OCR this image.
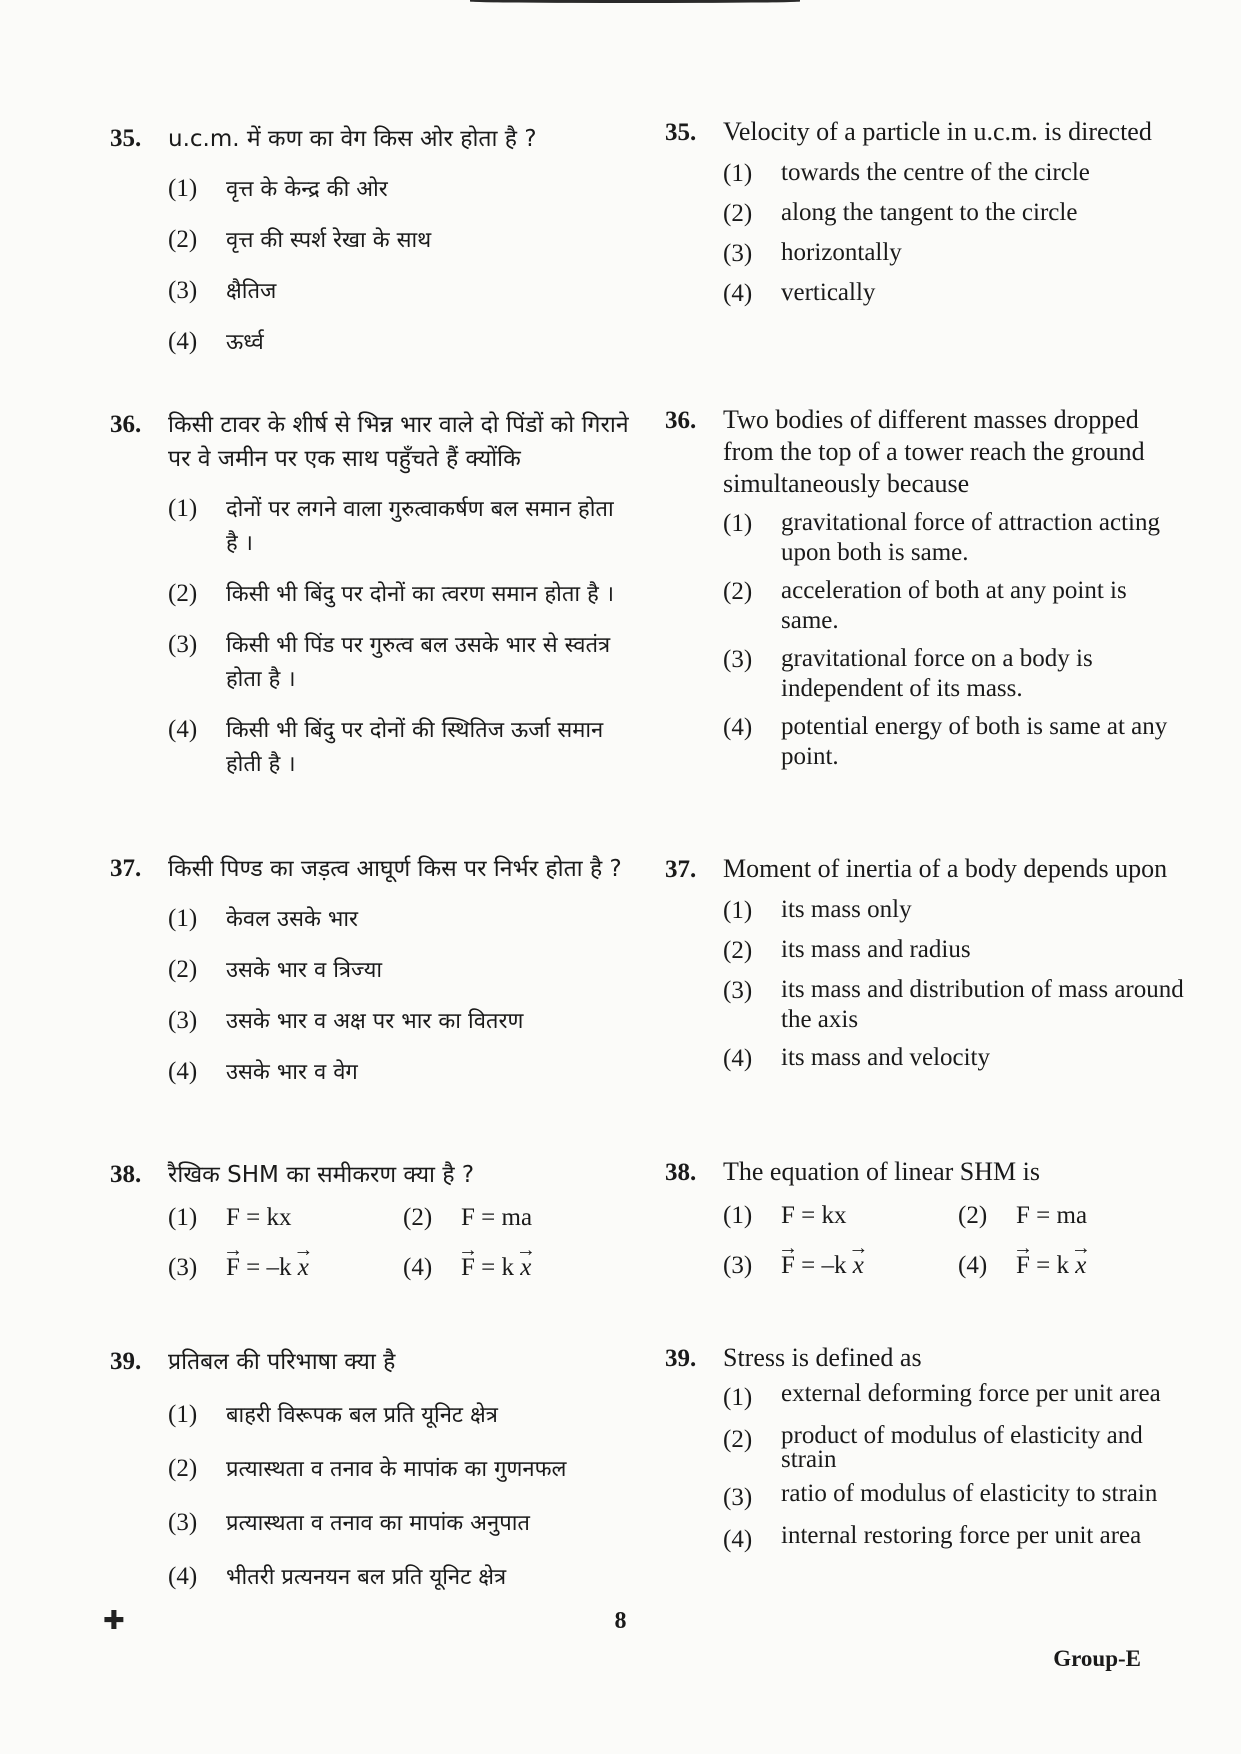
35.	u.c.m. में कण का वेग किस ओर होता है ?
(1)	वृत्त के केन्द्र की ओर
(2)	वृत्त की स्पर्श रेखा के साथ
(3)	क्षैतिज
(4)	ऊर्ध्व
36.	किसी टावर के शीर्ष से भिन्न भार वाले दो पिंडों को गिराने पर वे जमीन पर एक साथ पहुँचते हैं क्योंकि
(1)	दोनों पर लगने वाला गुरुत्वाकर्षण बल समान होता है ।
(2)	किसी भी बिंदु पर दोनों का त्वरण समान होता है ।
(3)	किसी भी पिंड पर गुरुत्व बल उसके भार से स्वतंत्र होता है ।
(4)	किसी भी बिंदु पर दोनों की स्थितिज ऊर्जा समान होती है ।
37.	किसी पिण्ड का जड़त्व आघूर्ण किस पर निर्भर होता है ?
(1)	केवल उसके भार
(2)	उसके भार व त्रिज्या
(3)	उसके भार व अक्ष पर भार का वितरण
(4)	उसके भार व वेग
38.	रैखिक SHM का समीकरण क्या है ?
(1)	F = kx	(2)	F = ma
(3)	→ F = –k → x	(4)	→ F = k → x
39.	प्रतिबल की परिभाषा क्या है
(1)	बाहरी विरूपक बल प्रति यूनिट क्षेत्र
(2)	प्रत्यास्थता व तनाव के मापांक का गुणनफल
(3)	प्रत्यास्थता व तनाव का मापांक अनुपात
(4)	भीतरी प्रत्यनयन बल प्रति यूनिट क्षेत्र
35.	Velocity of a particle in u.c.m. is directed
(1)	towards the centre of the circle
(2)	along the tangent to the circle
(3)	horizontally
(4)	vertically
36.	Two bodies of different masses dropped from the top of a tower reach the ground simultaneously because
(1)	gravitational force of attraction acting upon both is same.
(2)	acceleration of both at any point is same.
(3)	gravitational force on a body is independent of its mass.
(4)	potential energy of both is same at any point.
37.	Moment of inertia of a body depends upon
(1)	its mass only
(2)	its mass and radius
(3)	its mass and distribution of mass around the axis
(4)	its mass and velocity
38.	The equation of linear SHM is
(1)	F = kx	(2)	F = ma
(3)	→ F = –k → x	(4)	→ F = k → x
39.	Stress is defined as
(1)	external deforming force per unit area
(2)	product of modulus of elasticity and strain
(3)	ratio of modulus of elasticity to strain
(4)	internal restoring force per unit area
✚	8
Group-E
